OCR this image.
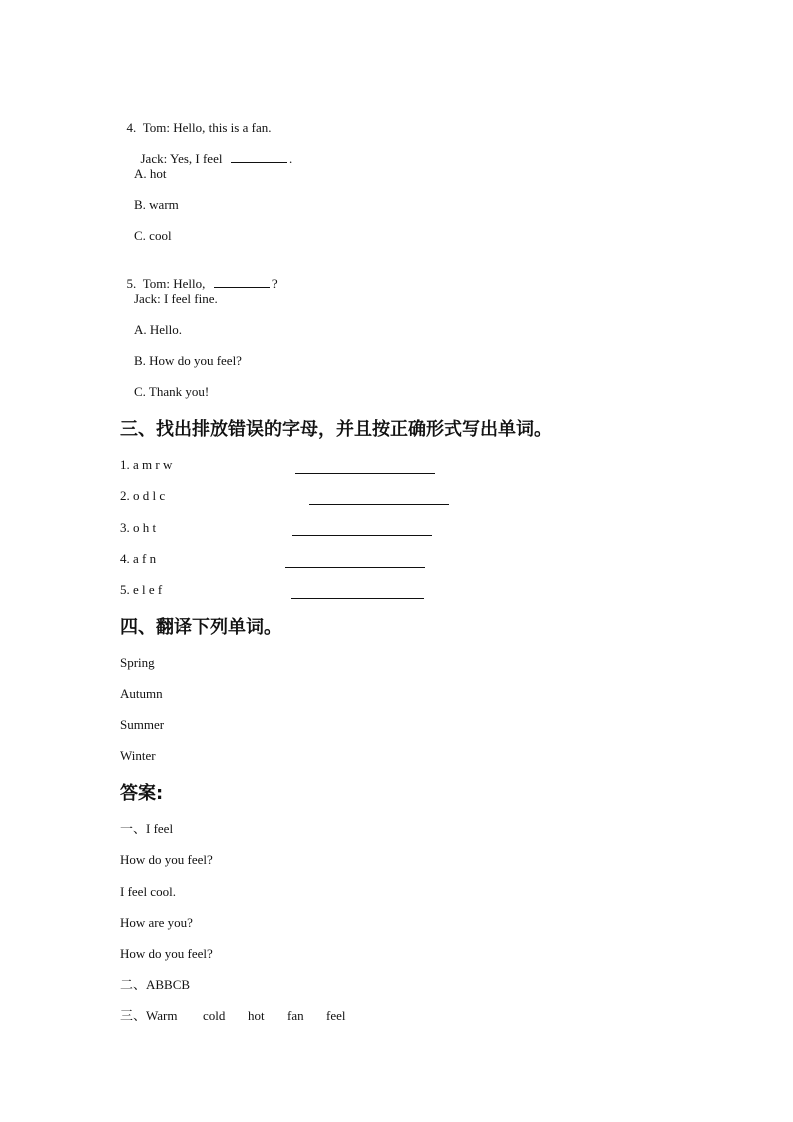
4. Tom: Hello, this is a fan.

Jack: Yes, I feel	.

A. hot
B. warm
C. cool

5. Tom: Hello,	?

Jack: I feel fine.
A. Hello.
B. How do you feel?
C. Thank you!
三、找出排放错误的字母，并且按正确形式写出单词。
1. a m r w
2. o d l c
3. o h t
4. a f n
5. e l e f
四、翻译下列单词。
Spring
Autumn
Summer
Winter
答案:
一、I feel
How do you feel?
I feel cool.
How are you?
How do you feel?
二、ABBCB
三、Warm cold hot fan feel
